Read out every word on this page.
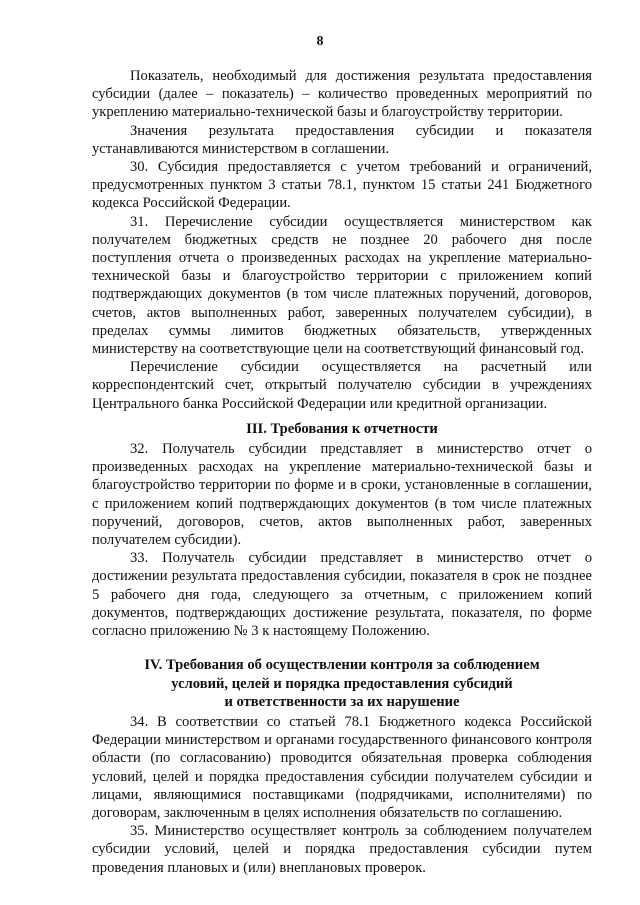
8

Показатель, необходимый для достижения результата предоставления субсидии (далее – показатель) – количество проведенных мероприятий по укреплению материально-технической базы и благоустройству территории.

Значения результата предоставления субсидии и показателя устанавливаются министерством в соглашении.

30. Субсидия предоставляется с учетом требований и ограничений, предусмотренных пунктом 3 статьи 78.1, пунктом 15 статьи 241 Бюджетного кодекса Российской Федерации.

31. Перечисление субсидии осуществляется министерством как получателем бюджетных средств не позднее 20 рабочего дня после поступления отчета о произведенных расходах на укрепление материально-технической базы и благоустройство территории с приложением копий подтверждающих документов (в том числе платежных поручений, договоров, счетов, актов выполненных работ, заверенных получателем субсидии), в пределах суммы лимитов бюджетных обязательств, утвержденных министерству на соответствующие цели на соответствующий финансовый год.

Перечисление субсидии осуществляется на расчетный или корреспондентский счет, открытый получателю субсидии в учреждениях Центрального банка Российской Федерации или кредитной организации.

III. Требования к отчетности

32. Получатель субсидии представляет в министерство отчет о произведенных расходах на укрепление материально-технической базы и благоустройство территории по форме и в сроки, установленные в соглашении, с приложением копий подтверждающих документов (в том числе платежных поручений, договоров, счетов, актов выполненных работ, заверенных получателем субсидии).

33. Получатель субсидии представляет в министерство отчет о достижении результата предоставления субсидии, показателя в срок не позднее 5 рабочего дня года, следующего за отчетным, с приложением копий документов, подтверждающих достижение результата, показателя, по форме согласно приложению № 3 к настоящему Положению.

IV. Требования об осуществлении контроля за соблюдением
условий, целей и порядка предоставления субсидий
и ответственности за их нарушение

34. В соответствии со статьей 78.1 Бюджетного кодекса Российской Федерации министерством и органами государственного финансового контроля области (по согласованию) проводится обязательная проверка соблюдения условий, целей и порядка предоставления субсидии получателем субсидии и лицами, являющимися поставщиками (подрядчиками, исполнителями) по договорам, заключенным в целях исполнения обязательств по соглашению.

35. Министерство осуществляет контроль за соблюдением получателем субсидии условий, целей и порядка предоставления субсидии путем проведения плановых и (или) внеплановых проверок.
